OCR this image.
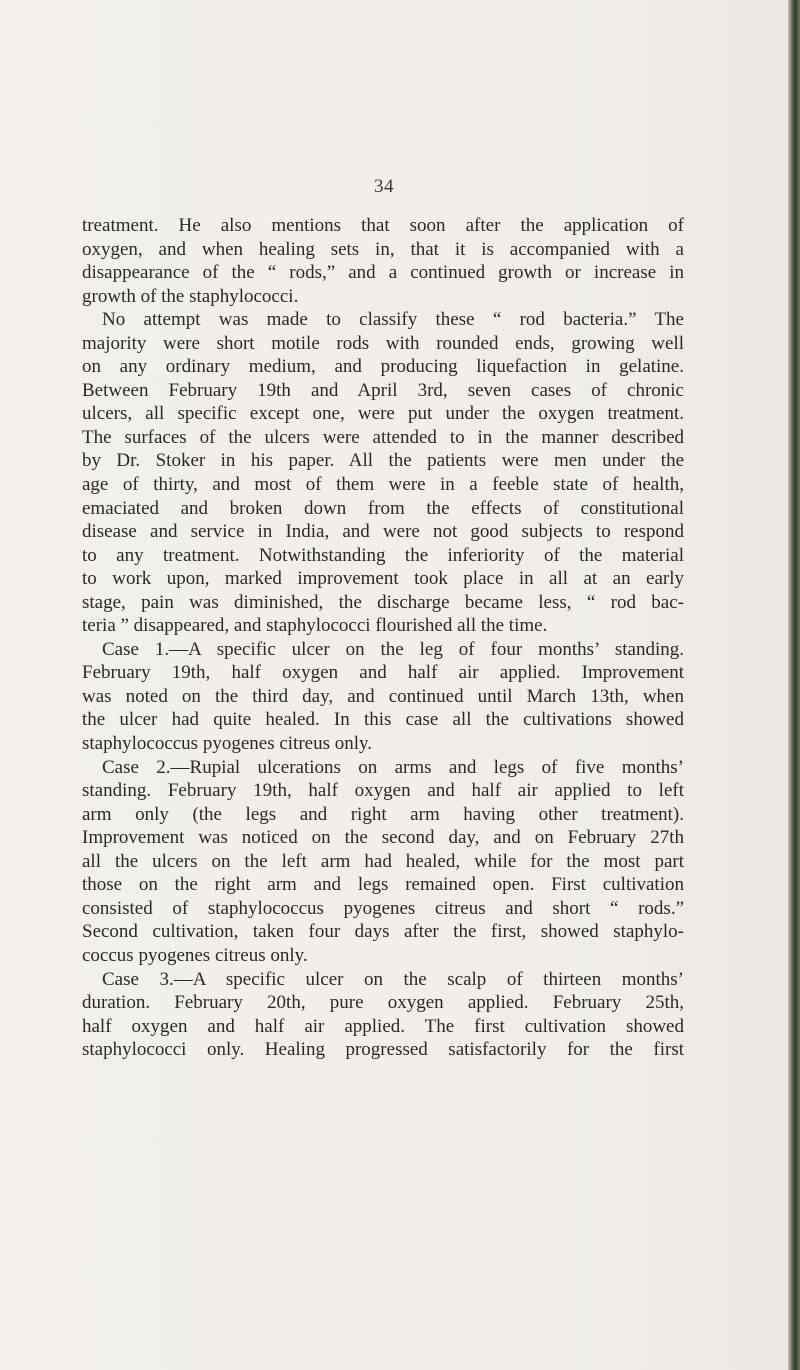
34
treatment. He also mentions that soon after the application of
oxygen, and when healing sets in, that it is accompanied with a
disappearance of the “ rods,” and a continued growth or increase in
growth of the staphylococci.
No attempt was made to classify these “ rod bacteria.” The
majority were short motile rods with rounded ends, growing well
on any ordinary medium, and producing liquefaction in gelatine.
Between February 19th and April 3rd, seven cases of chronic
ulcers, all specific except one, were put under the oxygen treatment.
The surfaces of the ulcers were attended to in the manner described
by Dr. Stoker in his paper. All the patients were men under the
age of thirty, and most of them were in a feeble state of health,
emaciated and broken down from the effects of constitutional
disease and service in India, and were not good subjects to respond
to any treatment. Notwithstanding the inferiority of the material
to work upon, marked improvement took place in all at an early
stage, pain was diminished, the discharge became less, “ rod bac-
teria ” disappeared, and staphylococci flourished all the time.
Case 1.—A specific ulcer on the leg of four months’ standing.
February 19th, half oxygen and half air applied. Improvement
was noted on the third day, and continued until March 13th, when
the ulcer had quite healed. In this case all the cultivations showed
staphylococcus pyogenes citreus only.
Case 2.—Rupial ulcerations on arms and legs of five months’
standing. February 19th, half oxygen and half air applied to left
arm only (the legs and right arm having other treatment).
Improvement was noticed on the second day, and on February 27th
all the ulcers on the left arm had healed, while for the most part
those on the right arm and legs remained open. First cultivation
consisted of staphylococcus pyogenes citreus and short “ rods.”
Second cultivation, taken four days after the first, showed staphylo-
coccus pyogenes citreus only.
Case 3.—A specific ulcer on the scalp of thirteen months’
duration. February 20th, pure oxygen applied. February 25th,
half oxygen and half air applied. The first cultivation showed
staphylococci only. Healing progressed satisfactorily for the first
